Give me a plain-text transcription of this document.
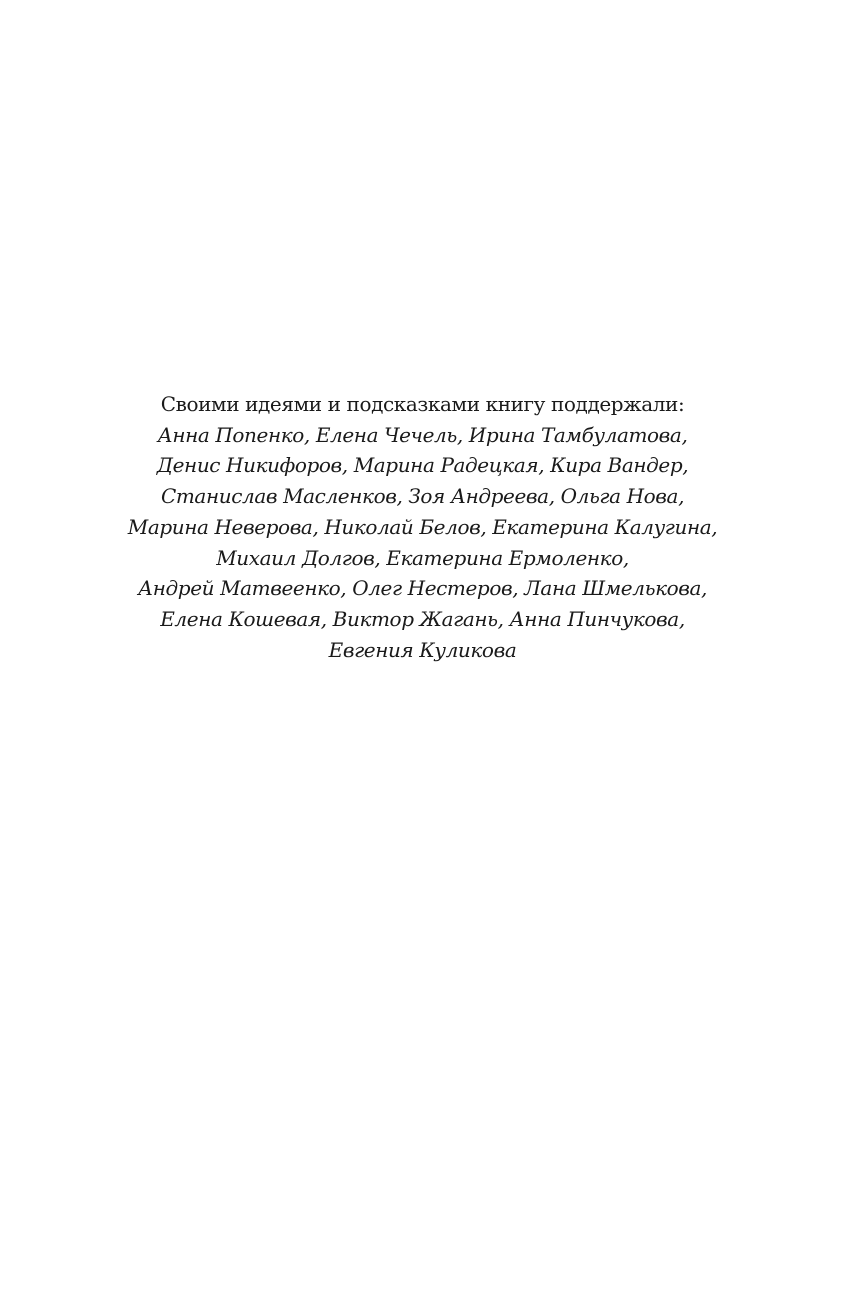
Своими идеями и подсказками книгу поддержали:
Анна Попенко, Елена Чечель, Ирина Тамбулатова,
Денис Никифоров, Марина Радецкая, Кира Вандер,
Станислав Масленков, Зоя Андреева, Ольга Нова,
Марина Неверова, Николай Белов, Екатерина Калугина,
Михаил Долгов, Екатерина Ермоленко,
Андрей Матвеенко, Олег Нестеров, Лана Шмелькова,
Елена Кошевая, Виктор Жагань, Анна Пинчукова,
Евгения Куликова
